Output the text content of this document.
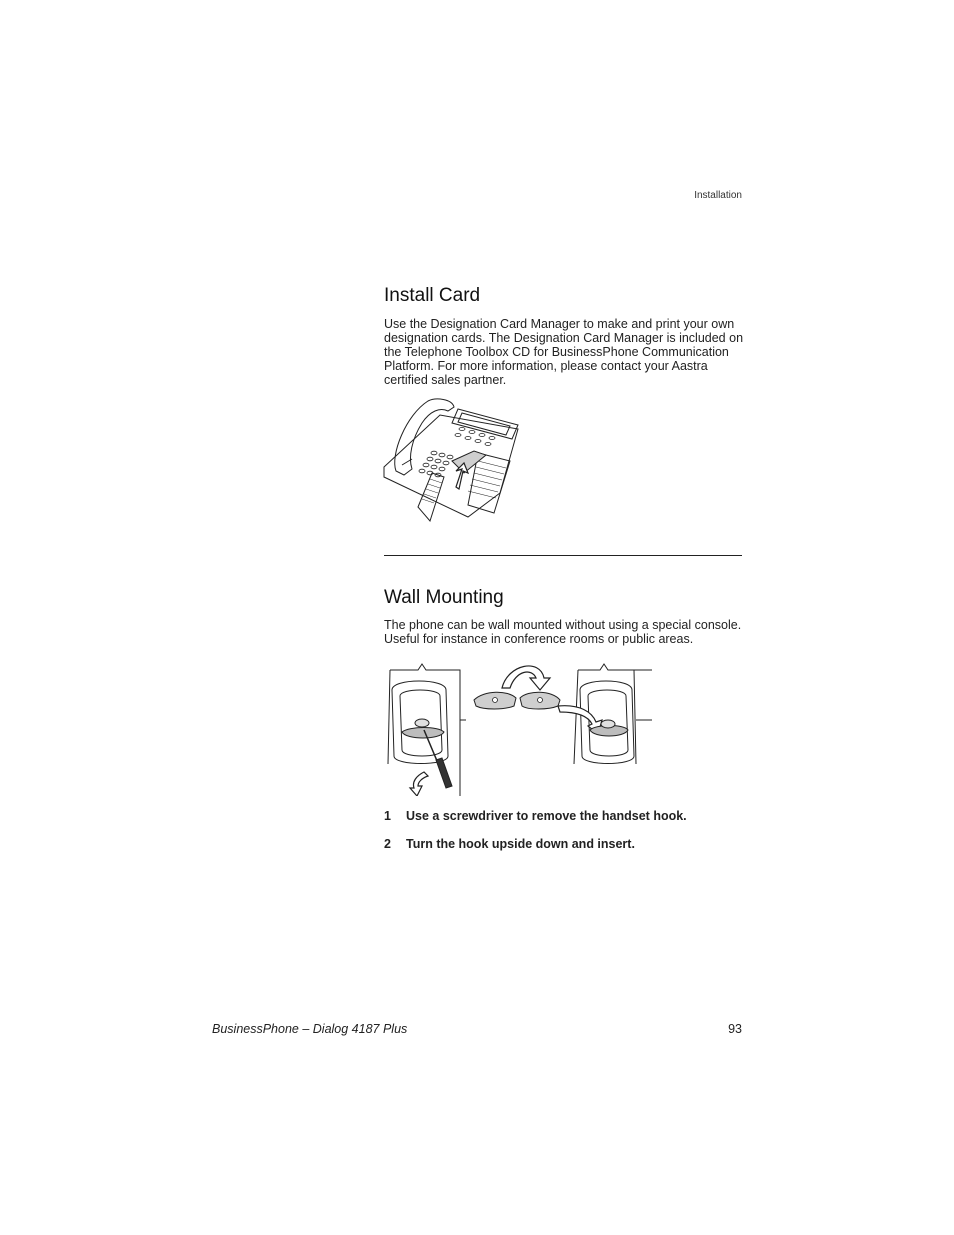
Installation
Install Card
Use the Designation Card Manager to make and print your own designation cards. The Designation Card Manager is included on the Telephone Toolbox CD for BusinessPhone Communication Platform. For more information, please contact your Aastra certified sales partner.
Wall Mounting
The phone can be wall mounted without using a special console. Useful for instance in conference rooms or public areas.
1 Use a screwdriver to remove the handset hook.
2 Turn the hook upside down and insert.
BusinessPhone – Dialog 4187 Plus	93
